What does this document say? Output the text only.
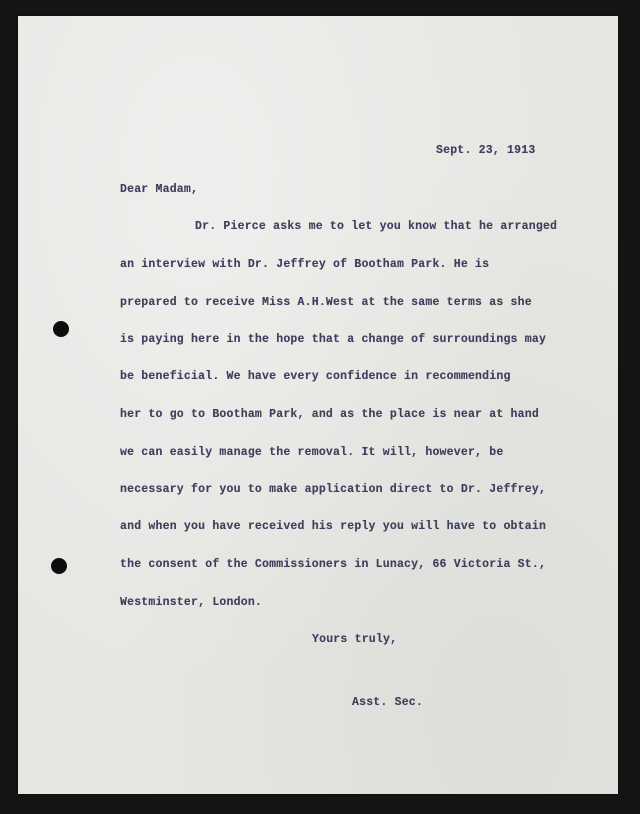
Sept. 23, 1913
Dear Madam,
Dr. Pierce asks me to let you know that he arranged
an interview with Dr. Jeffrey of Bootham Park. He is
prepared to receive Miss A.H.West at the same terms as she
is paying here in the hope that a change of surroundings may
be beneficial. We have every confidence in recommending
her to go to Bootham Park, and as the place is near at hand
we can easily manage the removal. It will, however, be
necessary for you to make application direct to Dr. Jeffrey,
and when you have received his reply you will have to obtain
the consent of the Commissioners in Lunacy, 66 Victoria St.,
Westminster, London.
Yours truly,
Asst. Sec.
